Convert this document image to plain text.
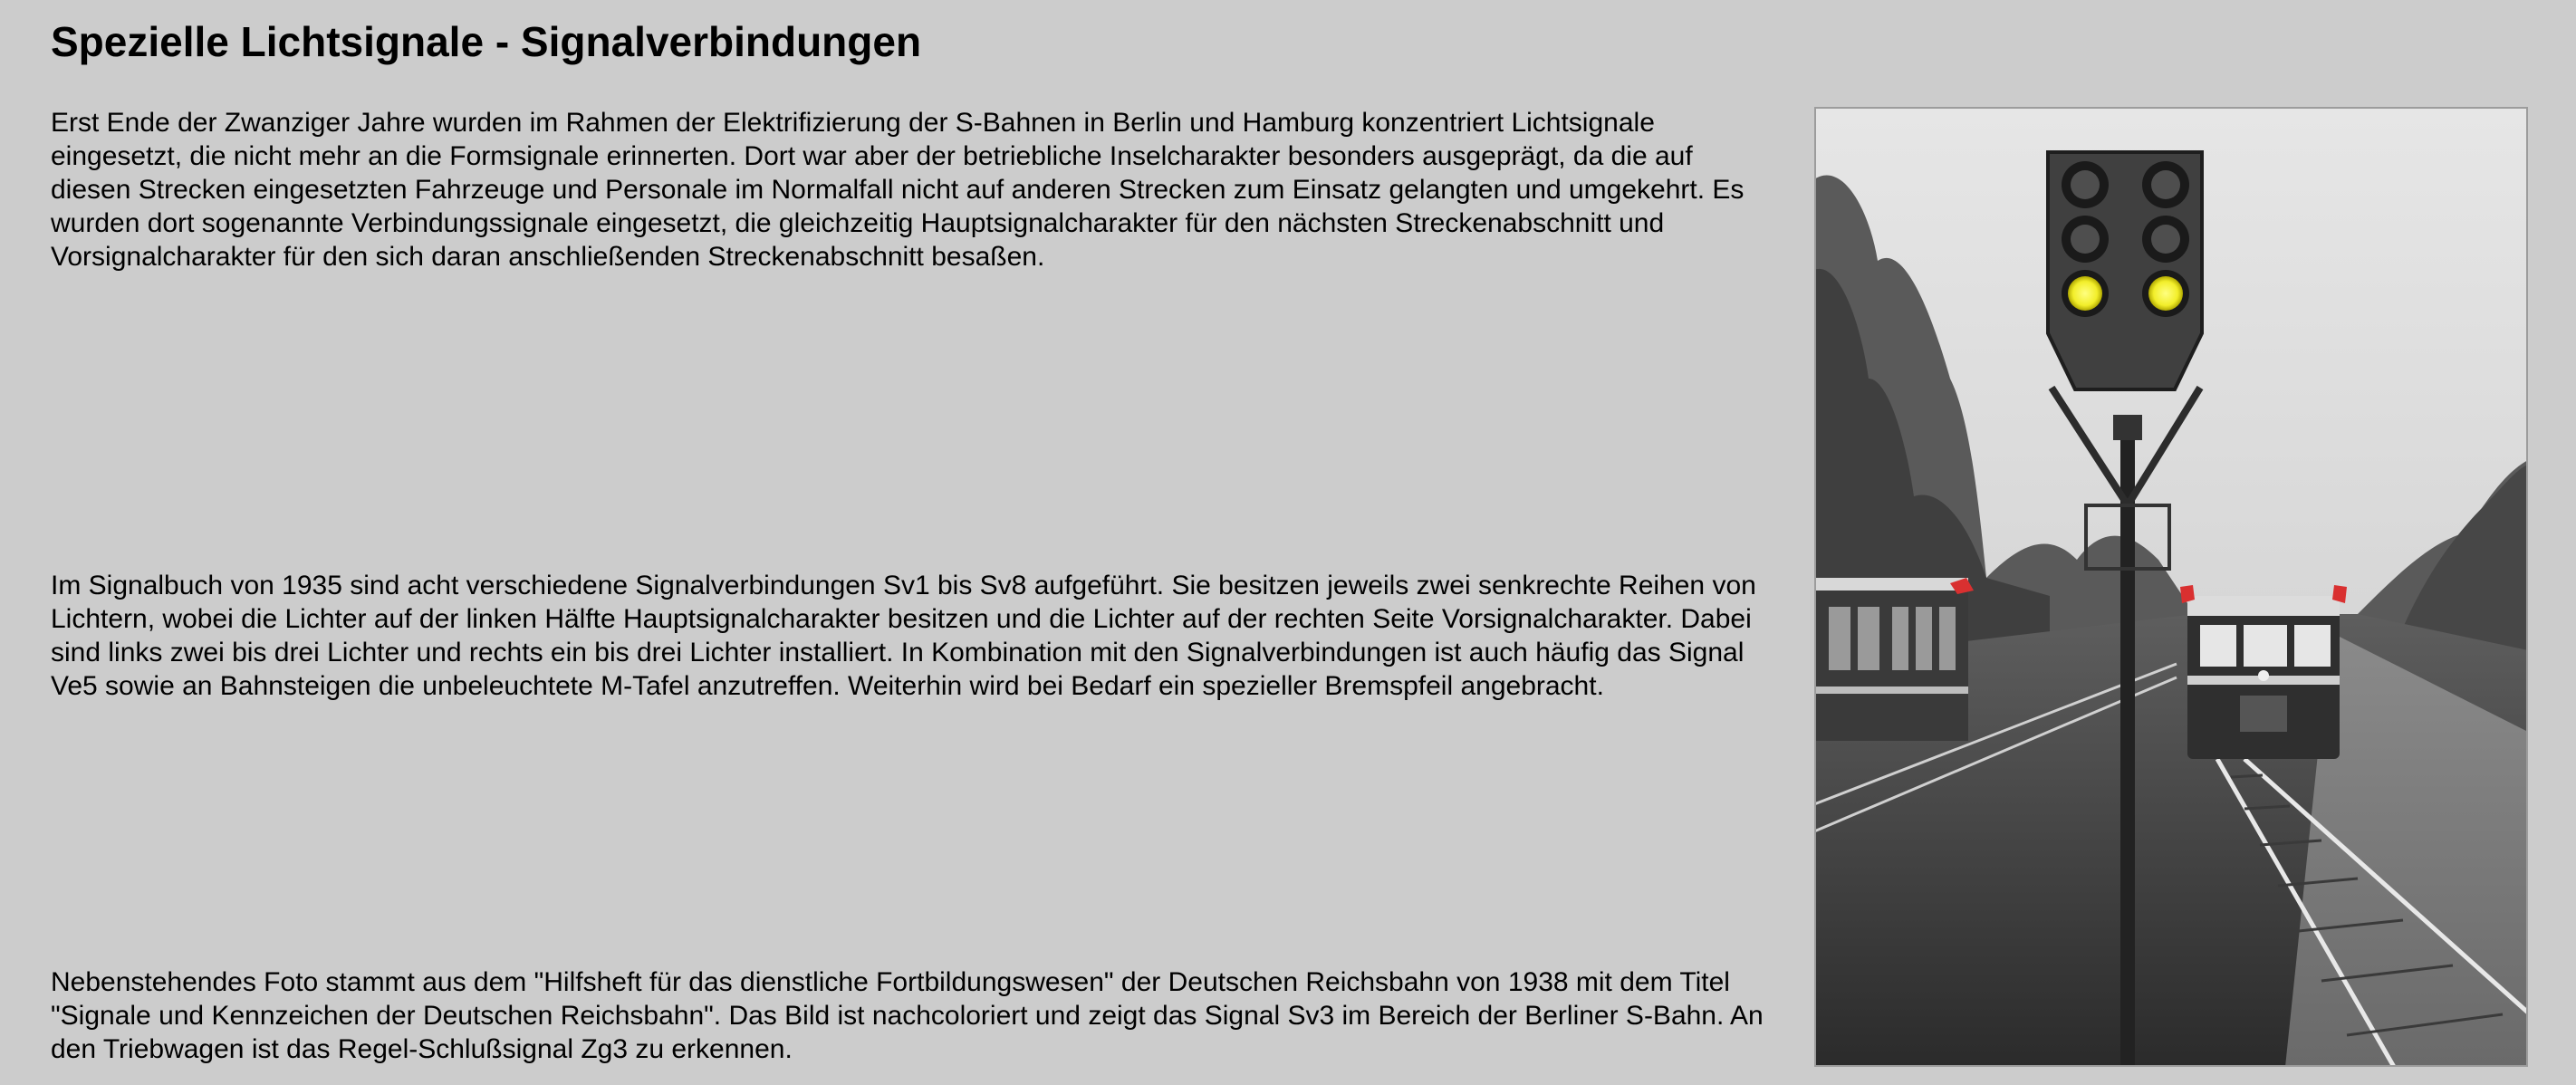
Spezielle Lichtsignale - Signalverbindungen

Erst Ende der Zwanziger Jahre wurden im Rahmen der Elektrifizierung der S-Bahnen in Berlin und Hamburg konzentriert Lichtsignale eingesetzt, die nicht mehr an die Formsignale erinnerten. Dort war aber der betriebliche Inselcharakter besonders ausgeprägt, da die auf diesen Strecken eingesetzten Fahrzeuge und Personale im Normalfall nicht auf anderen Strecken zum Einsatz gelangten und umgekehrt. Es wurden dort sogenannte Verbindungssignale eingesetzt, die gleichzeitig Hauptsignalcharakter für den nächsten Streckenabschnitt und Vorsignalcharakter für den sich daran anschließenden Streckenabschnitt besaßen.

Im Signalbuch von 1935 sind acht verschiedene Signalverbindungen Sv1 bis Sv8 aufgeführt. Sie besitzen jeweils zwei senkrechte Reihen von Lichtern, wobei die Lichter auf der linken Hälfte Hauptsignalcharakter besitzen und die Lichter auf der rechten Seite Vorsignalcharakter. Dabei sind links zwei bis drei Lichter und rechts ein bis drei Lichter installiert. In Kombination mit den Signalverbindungen ist auch häufig das Signal Ve5 sowie an Bahnsteigen die unbeleuchtete M-Tafel anzutreffen. Weiterhin wird bei Bedarf ein spezieller Bremspfeil angebracht.

Nebenstehendes Foto stammt aus dem "Hilfsheft für das dienstliche Fortbildungswesen" der Deutschen Reichsbahn von 1938 mit dem Titel "Signale und Kennzeichen der Deutschen Reichsbahn". Das Bild ist nachcoloriert und zeigt das Signal Sv3 im Bereich der Berliner S-Bahn. An den Triebwagen ist das Regel-Schlußsignal Zg3 zu erkennen.
